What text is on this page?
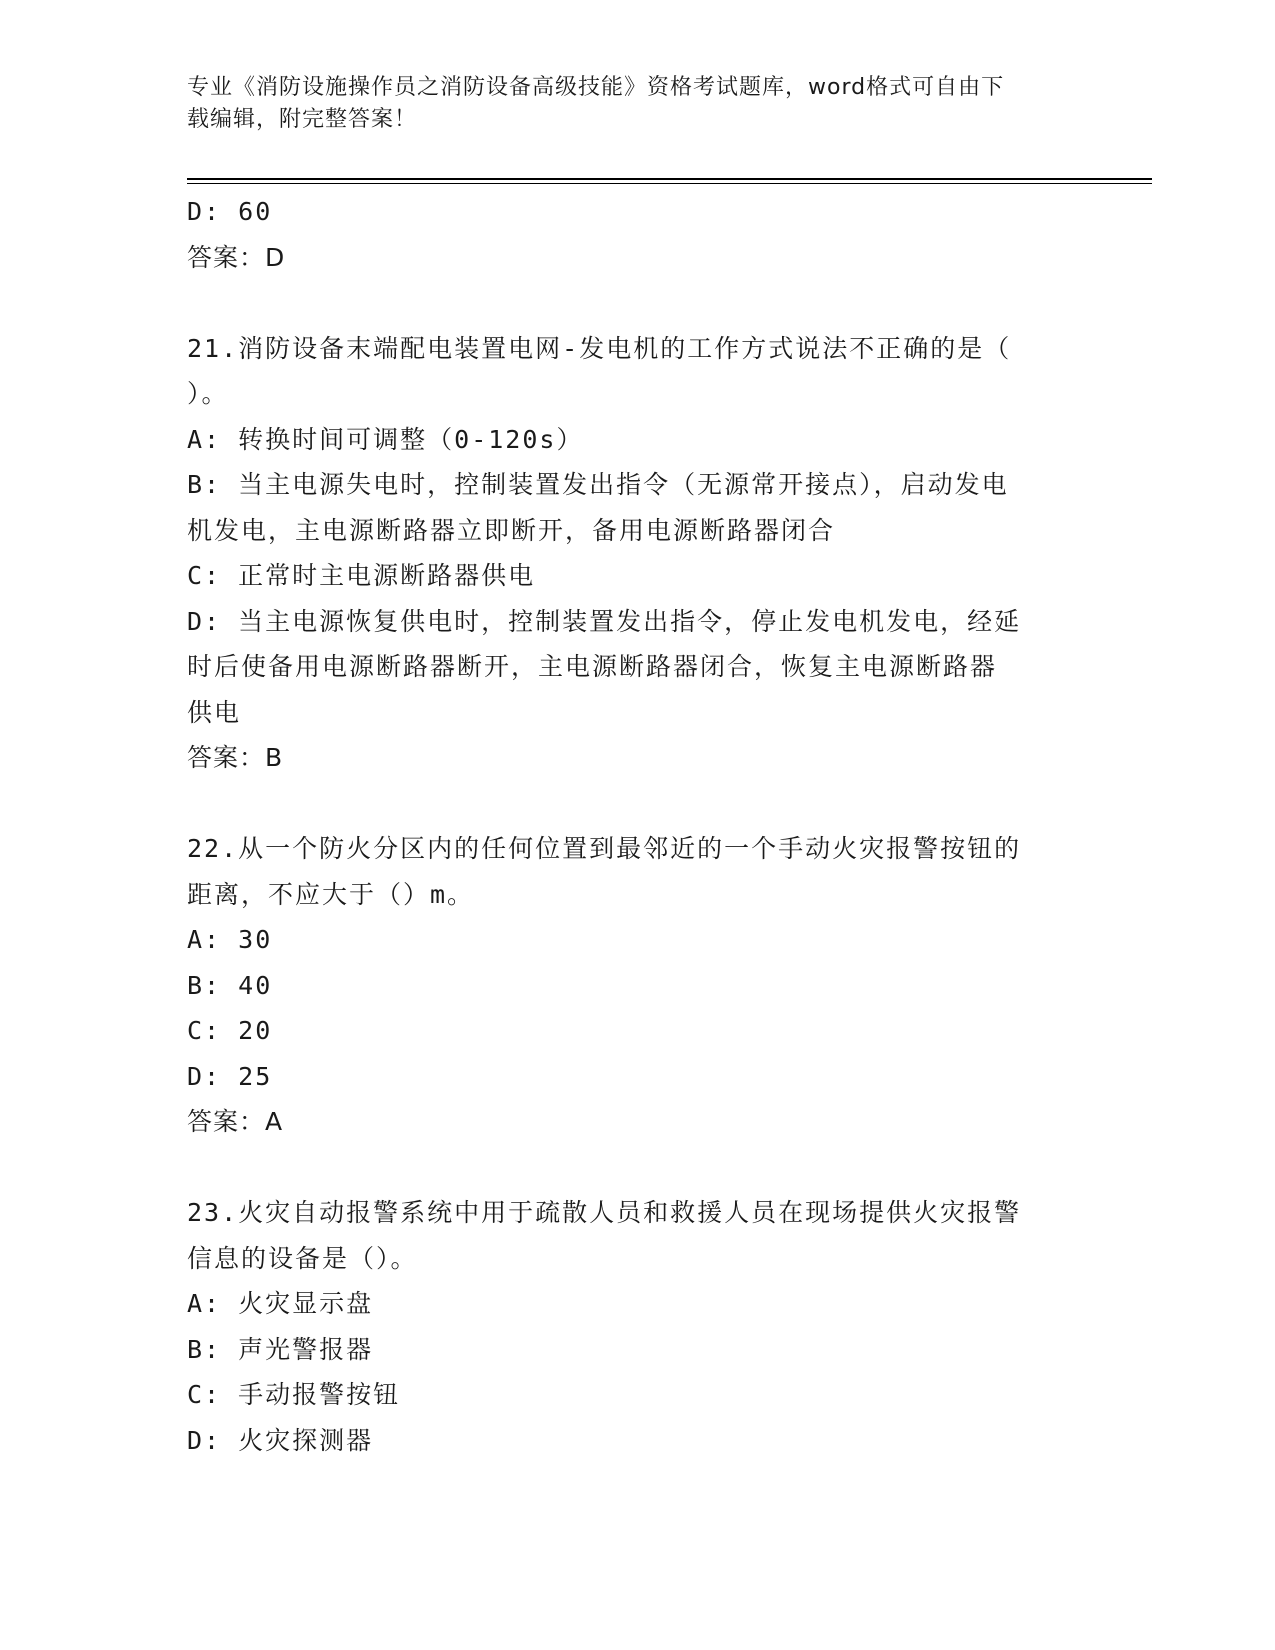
专业《消防设施操作员之消防设备高级技能》资格考试题库，word格式可自由下
载编辑，附完整答案！
D: 60
答案：D
21.消防设备末端配电装置电网-发电机的工作方式说法不正确的是（
）。
A: 转换时间可调整（0-120s）
B: 当主电源失电时，控制装置发出指令（无源常开接点），启动发电
机发电，主电源断路器立即断开，备用电源断路器闭合
C: 正常时主电源断路器供电
D: 当主电源恢复供电时，控制装置发出指令，停止发电机发电，经延
时后使备用电源断路器断开，主电源断路器闭合，恢复主电源断路器
供电
答案：B
22.从一个防火分区内的任何位置到最邻近的一个手动火灾报警按钮的
距离，不应大于（）m。
A: 30
B: 40
C: 20
D: 25
答案：A
23.火灾自动报警系统中用于疏散人员和救援人员在现场提供火灾报警
信息的设备是（）。
A: 火灾显示盘
B: 声光警报器
C: 手动报警按钮
D: 火灾探测器
